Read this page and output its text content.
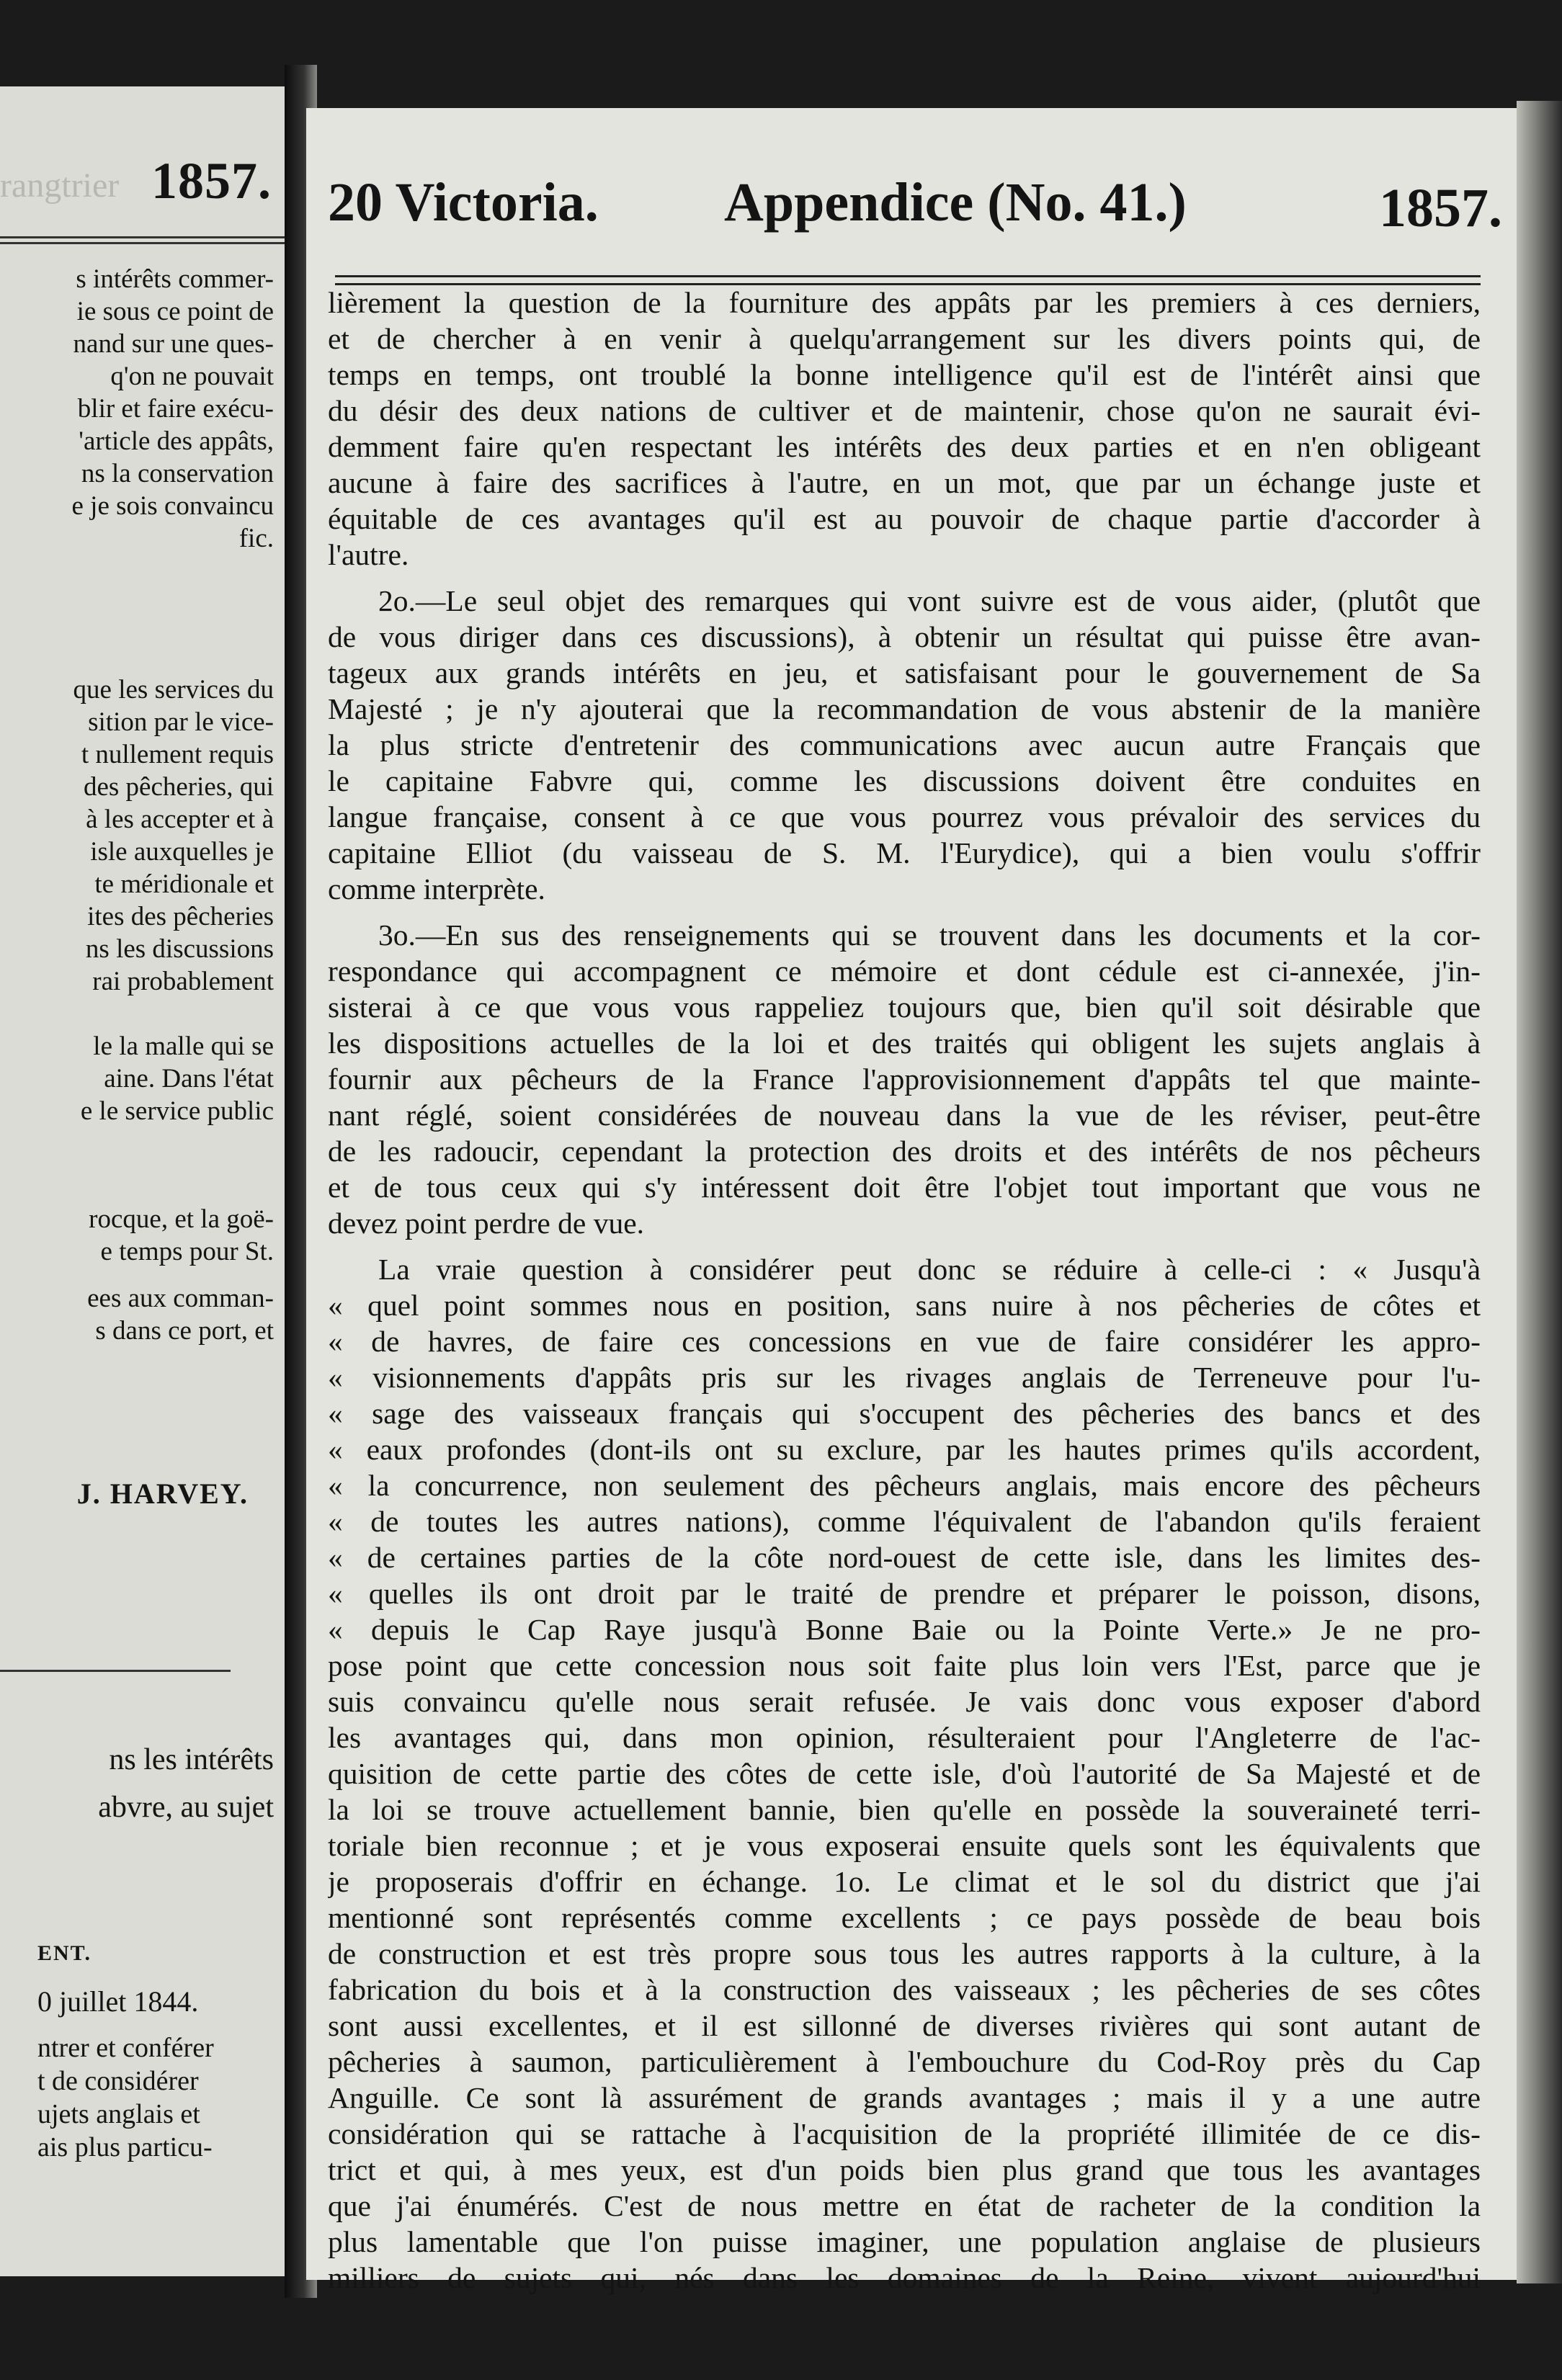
rangtrier 1857.
s intérêts commer-
ie sous ce point de
nand sur une ques-
q'on ne pouvait
blir et faire exécu-
'article des appâts,
ns la conservation
e je sois convaincu
fic.
que les services du
sition par le vice-
t nullement requis
des pêcheries, qui
à les accepter et à
isle auxquelles je
te méridionale et
ites des pêcheries
ns les discussions
rai probablement
le la malle qui se
aine. Dans l'état
e le service public
rocque, et la goë-
e temps pour St.
ees aux comman-
s dans ce port, et
J. HARVEY.
ns les intérêts
abvre, au sujet
ENT.
0 juillet 1844.
ntrer et conférer
t de considérer
ujets anglais et
ais plus particu-
20 Victoria. Appendice (No. 41.)	1857.
lièrement la question de la fourniture des appâts par les premiers à ces derniers,
et de chercher à en venir à quelqu'arrangement sur les divers points qui, de
temps en temps, ont troublé la bonne intelligence qu'il est de l'intérêt ainsi que
du désir des deux nations de cultiver et de maintenir, chose qu'on ne saurait évi-
demment faire qu'en respectant les intérêts des deux parties et en n'en obligeant
aucune à faire des sacrifices à l'autre, en un mot, que par un échange juste et
équitable de ces avantages qu'il est au pouvoir de chaque partie d'accorder à
l'autre.
2o.—Le seul objet des remarques qui vont suivre est de vous aider, (plutôt que
de vous diriger dans ces discussions), à obtenir un résultat qui puisse être avan-
tageux aux grands intérêts en jeu, et satisfaisant pour le gouvernement de Sa
Majesté ; je n'y ajouterai que la recommandation de vous abstenir de la manière
la plus stricte d'entretenir des communications avec aucun autre Français que
le capitaine Fabvre qui, comme les discussions doivent être conduites en
langue française, consent à ce que vous pourrez vous prévaloir des services du
capitaine Elliot (du vaisseau de S. M. l'Eurydice), qui a bien voulu s'offrir
comme interprète.
3o.—En sus des renseignements qui se trouvent dans les documents et la cor-
respondance qui accompagnent ce mémoire et dont cédule est ci-annexée, j'in-
sisterai à ce que vous vous rappeliez toujours que, bien qu'il soit désirable que
les dispositions actuelles de la loi et des traités qui obligent les sujets anglais à
fournir aux pêcheurs de la France l'approvisionnement d'appâts tel que mainte-
nant réglé, soient considérées de nouveau dans la vue de les réviser, peut-être
de les radoucir, cependant la protection des droits et des intérêts de nos pêcheurs
et de tous ceux qui s'y intéressent doit être l'objet tout important que vous ne
devez point perdre de vue.
La vraie question à considérer peut donc se réduire à celle-ci : « Jusqu'à
« quel point sommes nous en position, sans nuire à nos pêcheries de côtes et
« de havres, de faire ces concessions en vue de faire considérer les appro-
« visionnements d'appâts pris sur les rivages anglais de Terreneuve pour l'u-
« sage des vaisseaux français qui s'occupent des pêcheries des bancs et des
« eaux profondes (dont-ils ont su exclure, par les hautes primes qu'ils accordent,
« la concurrence, non seulement des pêcheurs anglais, mais encore des pêcheurs
« de toutes les autres nations), comme l'équivalent de l'abandon qu'ils feraient
« de certaines parties de la côte nord-ouest de cette isle, dans les limites des-
« quelles ils ont droit par le traité de prendre et préparer le poisson, disons,
« depuis le Cap Raye jusqu'à Bonne Baie ou la Pointe Verte.» Je ne pro-
pose point que cette concession nous soit faite plus loin vers l'Est, parce que je
suis convaincu qu'elle nous serait refusée. Je vais donc vous exposer d'abord
les avantages qui, dans mon opinion, résulteraient pour l'Angleterre de l'ac-
quisition de cette partie des côtes de cette isle, d'où l'autorité de Sa Majesté et de
la loi se trouve actuellement bannie, bien qu'elle en possède la souveraineté terri-
toriale bien reconnue ; et je vous exposerai ensuite quels sont les équivalents que
je proposerais d'offrir en échange. 1o. Le climat et le sol du district que j'ai
mentionné sont représentés comme excellents ; ce pays possède de beau bois
de construction et est très propre sous tous les autres rapports à la culture, à la
fabrication du bois et à la construction des vaisseaux ; les pêcheries de ses côtes
sont aussi excellentes, et il est sillonné de diverses rivières qui sont autant de
pêcheries à saumon, particulièrement à l'embouchure du Cod-Roy près du Cap
Anguille. Ce sont là assurément de grands avantages ; mais il y a une autre
considération qui se rattache à l'acquisition de la propriété illimitée de ce dis-
trict et qui, à mes yeux, est d'un poids bien plus grand que tous les avantages
que j'ai énumérés. C'est de nous mettre en état de racheter de la condition la
plus lamentable que l'on puisse imaginer, une population anglaise de plusieurs
milliers de sujets qui, nés dans les domaines de la Reine, vivent aujourd'hui
